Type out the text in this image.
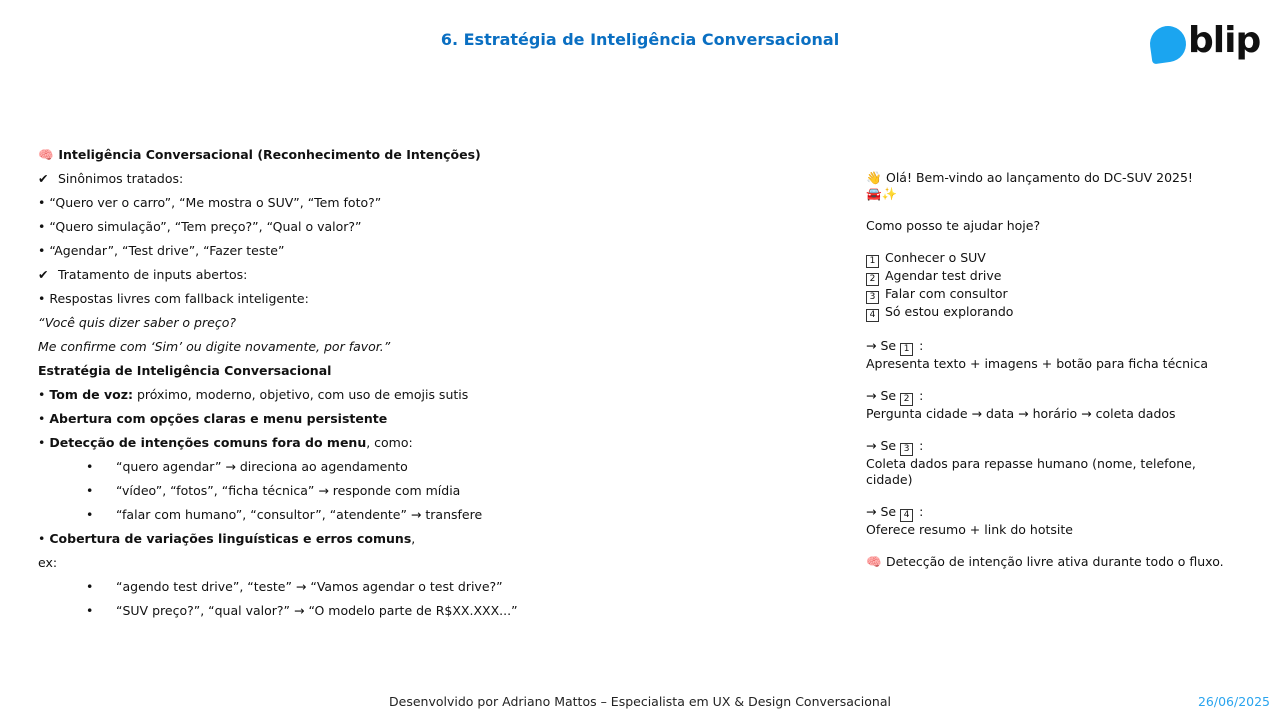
6. Estratégia de Inteligência Conversacional	blip
🧠 Inteligência Conversacional (Reconhecimento de Intenções)
✔ Sinônimos tratados:
• “Quero ver o carro”, “Me mostra o SUV”, “Tem foto?”
• “Quero simulação”, “Tem preço?”, “Qual o valor?”
• “Agendar”, “Test drive”, “Fazer teste”
✔ Tratamento de inputs abertos:
• Respostas livres com fallback inteligente:
“Você quis dizer saber o preço?
Me confirme com ‘Sim’ ou digite novamente, por favor.”
Estratégia de Inteligência Conversacional
• Tom de voz: próximo, moderno, objetivo, com uso de emojis sutis
• Abertura com opções claras e menu persistente
• Detecção de intenções comuns fora do menu, como:
• “quero agendar” → direciona ao agendamento
• “vídeo”, “fotos”, “ficha técnica” → responde com mídia
• “falar com humano”, “consultor”, “atendente” → transfere
• Cobertura de variações linguísticas e erros comuns,
ex:
• “agendo test drive”, “teste” → “Vamos agendar o test drive?”
• “SUV preço?”, “qual valor?” → “O modelo parte de R$XX.XXX...”
👋 Olá! Bem-vindo ao lançamento do DC-SUV 2025!
🚘✨
Como posso te ajudar hoje?
1 Conhecer o SUV
2 Agendar test drive
3 Falar com consultor
4 Só estou explorando
→ Se 1 :
Apresenta texto + imagens + botão para ficha técnica
→ Se 2 :
Pergunta cidade → data → horário → coleta dados
→ Se 3 :
Coleta dados para repasse humano (nome, telefone, cidade)
→ Se 4 :
Oferece resumo + link do hotsite
🧠 Detecção de intenção livre ativa durante todo o fluxo.
Desenvolvido por Adriano Mattos – Especialista em UX & Design Conversacional	26/06/2025
